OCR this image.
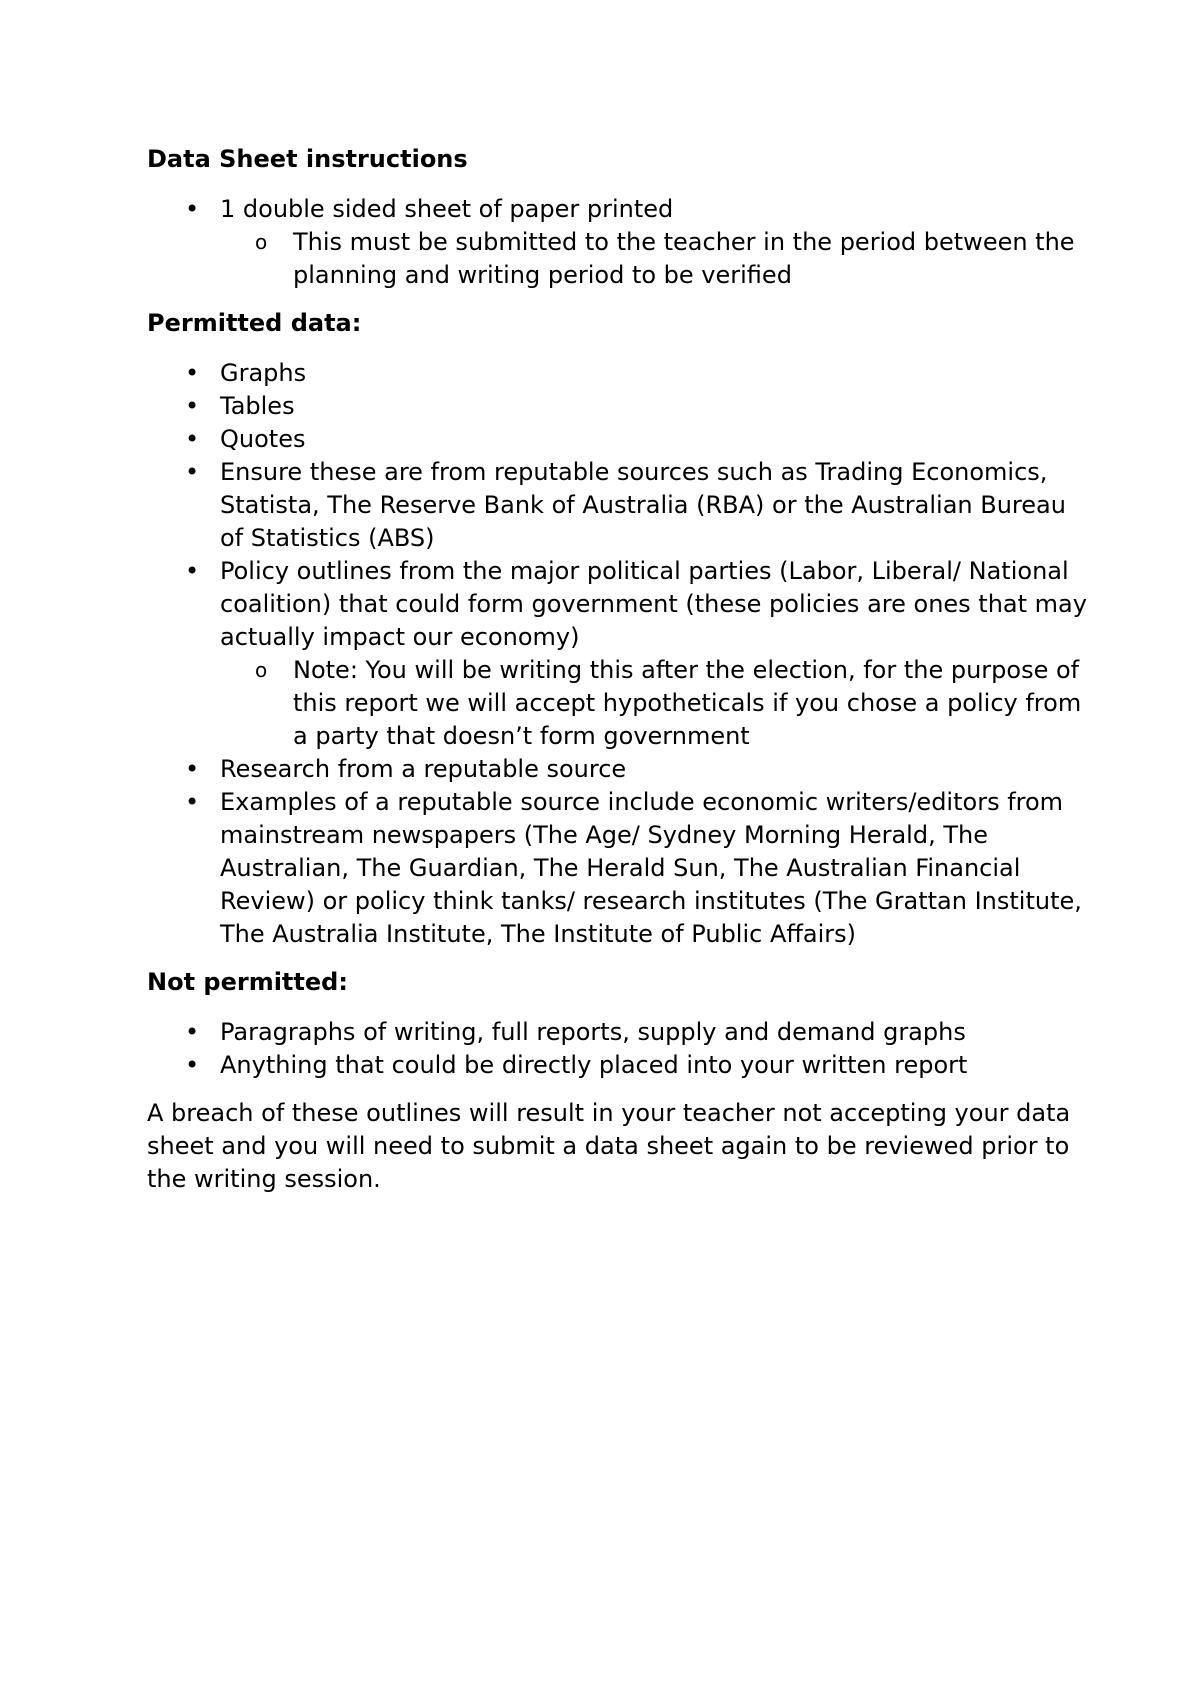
Data Sheet instructions

• 1 double sided sheet of paper printed
o This must be submitted to the teacher in the period between the planning and writing period to be verified

Permitted data:

• Graphs
• Tables
• Quotes
• Ensure these are from reputable sources such as Trading Economics, Statista, The Reserve Bank of Australia (RBA) or the Australian Bureau of Statistics (ABS)
• Policy outlines from the major political parties (Labor, Liberal/ National coalition) that could form government (these policies are ones that may actually impact our economy)
o Note: You will be writing this after the election, for the purpose of this report we will accept hypotheticals if you chose a policy from a party that doesn’t form government
• Research from a reputable source
• Examples of a reputable source include economic writers/editors from mainstream newspapers (The Age/ Sydney Morning Herald, The Australian, The Guardian, The Herald Sun, The Australian Financial Review) or policy think tanks/ research institutes (The Grattan Institute, The Australia Institute, The Institute of Public Affairs)

Not permitted:

• Paragraphs of writing, full reports, supply and demand graphs
• Anything that could be directly placed into your written report

A breach of these outlines will result in your teacher not accepting your data sheet and you will need to submit a data sheet again to be reviewed prior to the writing session.
